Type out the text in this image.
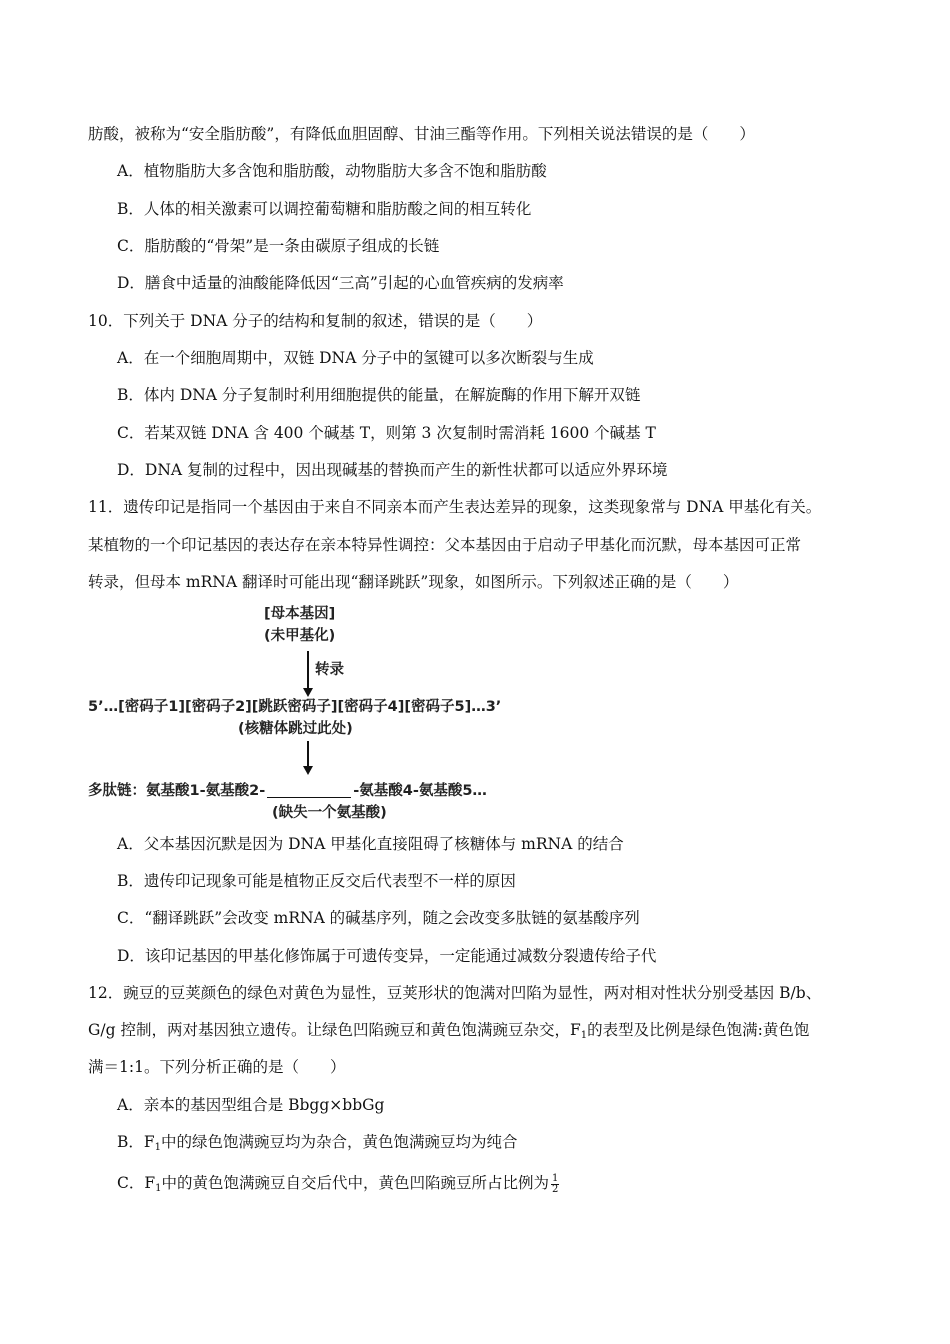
肪酸，被称为“安全脂肪酸”，有降低血胆固醇、甘油三酯等作用。下列相关说法错误的是（　　）
A．植物脂肪大多含饱和脂肪酸，动物脂肪大多含不饱和脂肪酸
B．人体的相关激素可以调控葡萄糖和脂肪酸之间的相互转化
C．脂肪酸的“骨架”是一条由碳原子组成的长链
D．膳食中适量的油酸能降低因“三高”引起的心血管疾病的发病率
10．下列关于 DNA 分子的结构和复制的叙述，错误的是（　　）
A．在一个细胞周期中，双链 DNA 分子中的氢键可以多次断裂与生成
B．体内 DNA 分子复制时利用细胞提供的能量，在解旋酶的作用下解开双链
C．若某双链 DNA 含 400 个碱基 T，则第 3 次复制时需消耗 1600 个碱基 T
D．DNA 复制的过程中，因出现碱基的替换而产生的新性状都可以适应外界环境
11．遗传印记是指同一个基因由于来自不同亲本而产生表达差异的现象，这类现象常与 DNA 甲基化有关。
某植物的一个印记基因的表达存在亲本特异性调控：父本基因由于启动子甲基化而沉默，母本基因可正常
转录，但母本 mRNA 翻译时可能出现“翻译跳跃”现象，如图所示。下列叙述正确的是（　　）
[母本基因]
(未甲基化)
转录
5’…[密码子1][密码子2][跳跃密码子][密码子4][密码子5]…3’
(核糖体跳过此处)
多肽链：氨基酸1-氨基酸2-	-氨基酸4-氨基酸5…
(缺失一个氨基酸)
A．父本基因沉默是因为 DNA 甲基化直接阻碍了核糖体与 mRNA 的结合
B．遗传印记现象可能是植物正反交后代表型不一样的原因
C．“翻译跳跃”会改变 mRNA 的碱基序列，随之会改变多肽链的氨基酸序列
D．该印记基因的甲基化修饰属于可遗传变异，一定能通过减数分裂遗传给子代
12．豌豆的豆荚颜色的绿色对黄色为显性，豆荚形状的饱满对凹陷为显性，两对相对性状分别受基因 B/b、
G/g 控制，两对基因独立遗传。让绿色凹陷豌豆和黄色饱满豌豆杂交，$F_1$的表型及比例是绿色饱满:黄色饱
满＝1:1。下列分析正确的是（　　）
A．亲本的基因型组合是 Bbgg×bbGg
B．$F_1$中的绿色饱满豌豆均为杂合，黄色饱满豌豆均为纯合
C．$F_1$中的黄色饱满豌豆自交后代中，黄色凹陷豌豆所占比例为 $\frac{1}{2}$
